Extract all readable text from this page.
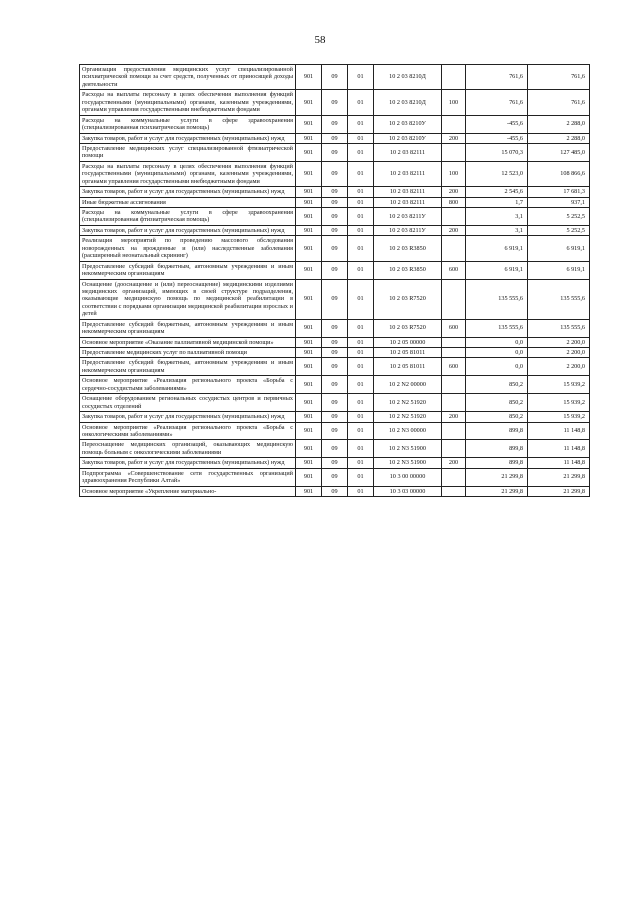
58
Организация предоставления медицинских услуг специализированной психиатрической помощи за счет средств, полученных от приносящей доходы деятельности	901	09	01	10 2 03 8210Д		761,6	761,6
Расходы на выплаты персоналу в целях обеспечения выполнения функций государственными (муниципальными) органами, казенными учреждениями, органами управления государственными внебюджетными фондами	901	09	01	10 2 03 8210Д	100	761,6	761,6
Расходы на коммунальные услуги в сфере здравоохранения (специализированная психиатрическая помощь)	901	09	01	10 2 03 8210У		-455,6	2 288,0
Закупка товаров, работ и услуг для государственных (муниципальных) нужд	901	09	01	10 2 03 8210У	200	-455,6	2 288,0
Предоставление медицинских услуг специализированной фтизиатрической помощи	901	09	01	10 2 03 82111		15 070,3	127 485,0
Расходы на выплаты персоналу в целях обеспечения выполнения функций государственными (муниципальными) органами, казенными учреждениями, органами управления государственными внебюджетными фондами	901	09	01	10 2 03 82111	100	12 523,0	108 866,6
Закупка товаров, работ и услуг для государственных (муниципальных) нужд	901	09	01	10 2 03 82111	200	2 545,6	17 681,3
Иные бюджетные ассигнования	901	09	01	10 2 03 82111	800	1,7	937,1
Расходы на коммунальные услуги в сфере здравоохранения (специализированная фтизиатрическая помощь)	901	09	01	10 2 03 8211У		3,1	5 252,5
Закупка товаров, работ и услуг для государственных (муниципальных) нужд	901	09	01	10 2 03 8211У	200	3,1	5 252,5
Реализация мероприятий по проведению массового обследования новорожденных на врожденные и (или) наследственные заболевания (расширенный неонатальный скрининг)	901	09	01	10 2 03 R3850		6 919,1	6 919,1
Предоставление субсидий бюджетным, автономным учреждениям и иным некоммерческим организациям	901	09	01	10 2 03 R3850	600	6 919,1	6 919,1
Оснащение (дооснащение и (или) переоснащение) медицинскими изделиями медицинских организаций, имеющих в своей структуре подразделения, оказывающие медицинскую помощь по медицинской реабилитации в соответствии с порядками организации медицинской реабилитации взрослых и детей	901	09	01	10 2 03 R7520		135 555,6	135 555,6
Предоставление субсидий бюджетным, автономным учреждениям и иным некоммерческим организациям	901	09	01	10 2 03 R7520	600	135 555,6	135 555,6
Основное мероприятие «Оказание паллиативной медицинской помощи»	901	09	01	10 2 05 00000		0,0	2 200,0
Предоставление медицинских услуг по паллиативной помощи	901	09	01	10 2 05 81011		0,0	2 200,0
Предоставление субсидий бюджетным, автономным учреждениям и иным некоммерческим организациям	901	09	01	10 2 05 81011	600	0,0	2 200,0
Основное мероприятие «Реализация регионального проекта «Борьба с сердечно-сосудистыми заболеваниями»	901	09	01	10 2 N2 00000		850,2	15 939,2
Оснащение оборудованием региональных сосудистых центров и первичных сосудистых отделений	901	09	01	10 2 N2 51920		850,2	15 939,2
Закупка товаров, работ и услуг для государственных (муниципальных) нужд	901	09	01	10 2 N2 51920	200	850,2	15 939,2
Основное мероприятие «Реализация регионального проекта «Борьба с онкологическими заболеваниями»	901	09	01	10 2 N3 00000		899,8	11 148,8
Переоснащение медицинских организаций, оказывающих медицинскую помощь больным с онкологическими заболеваниями	901	09	01	10 2 N3 51900		899,8	11 148,8
Закупка товаров, работ и услуг для государственных (муниципальных) нужд	901	09	01	10 2 N3 51900	200	899,8	11 148,8
Подпрограмма «Совершенствование сети государственных организаций здравоохранения Республики Алтай»	901	09	01	10 3 00 00000		21 299,8	21 299,8
Основное мероприятие «Укрепление материально-	901	09	01	10 3 03 00000		21 299,8	21 299,8
